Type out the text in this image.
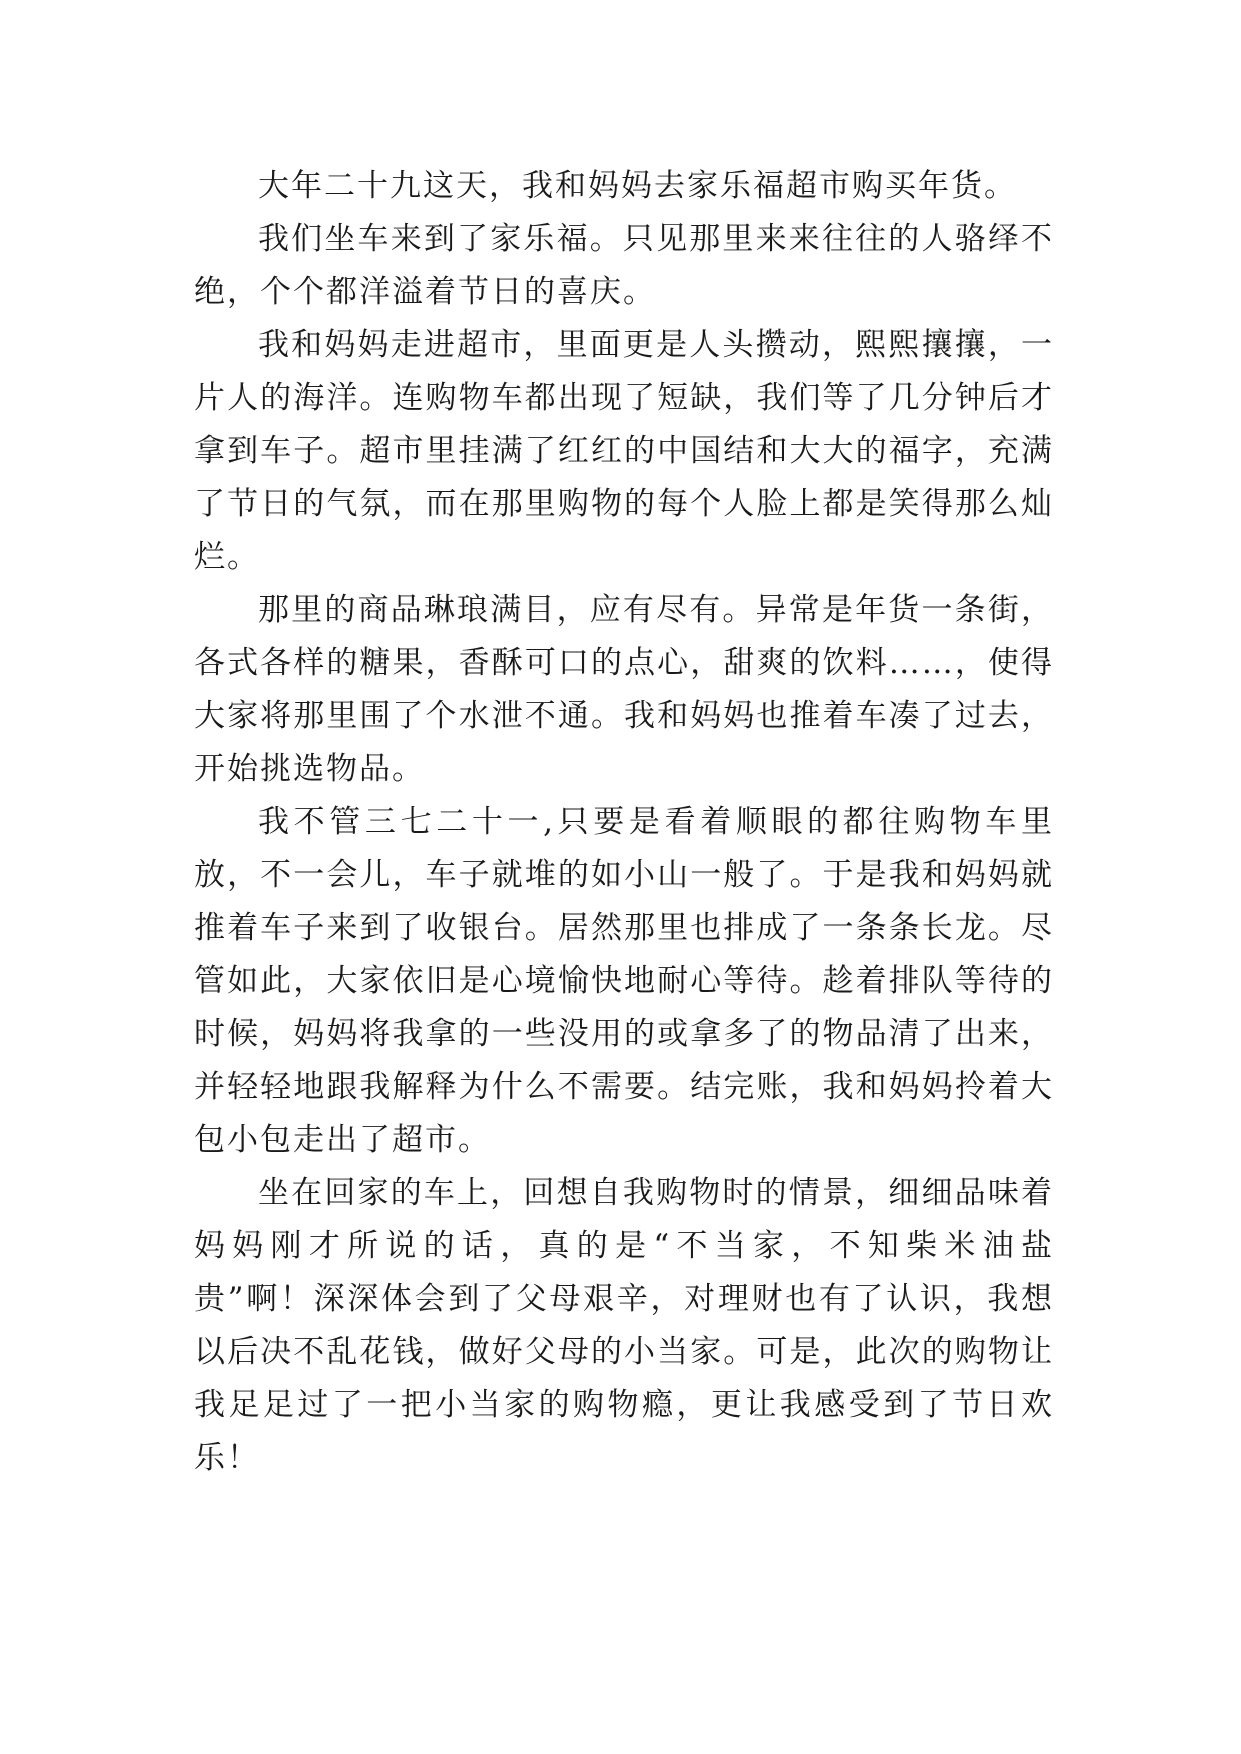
大年二十九这天，我和妈妈去家乐福超市购买年货。

我们坐车来到了家乐福。只见那里来来往往的人骆绎不绝，个个都洋溢着节日的喜庆。

我和妈妈走进超市，里面更是人头攒动，熙熙攘攘，一片人的海洋。连购物车都出现了短缺，我们等了几分钟后才拿到车子。超市里挂满了红红的中国结和大大的福字，充满了节日的气氛，而在那里购物的每个人脸上都是笑得那么灿烂。

那里的商品琳琅满目，应有尽有。异常是年货一条街，各式各样的糖果，香酥可口的点心，甜爽的饮料……，使得大家将那里围了个水泄不通。我和妈妈也推着车凑了过去，开始挑选物品。

我不管三七二十一,只要是看着顺眼的都往购物车里放，不一会儿，车子就堆的如小山一般了。于是我和妈妈就推着车子来到了收银台。居然那里也排成了一条条长龙。尽管如此，大家依旧是心境愉快地耐心等待。趁着排队等待的时候，妈妈将我拿的一些没用的或拿多了的物品清了出来，并轻轻地跟我解释为什么不需要。结完账，我和妈妈拎着大包小包走出了超市。

坐在回家的车上，回想自我购物时的情景，细细品味着妈妈刚才所说的话，真的是“不当家，不知柴米油盐贵”啊！深深体会到了父母艰辛，对理财也有了认识，我想以后决不乱花钱，做好父母的小当家。可是，此次的购物让我足足过了一把小当家的购物瘾，更让我感受到了节日欢乐！
